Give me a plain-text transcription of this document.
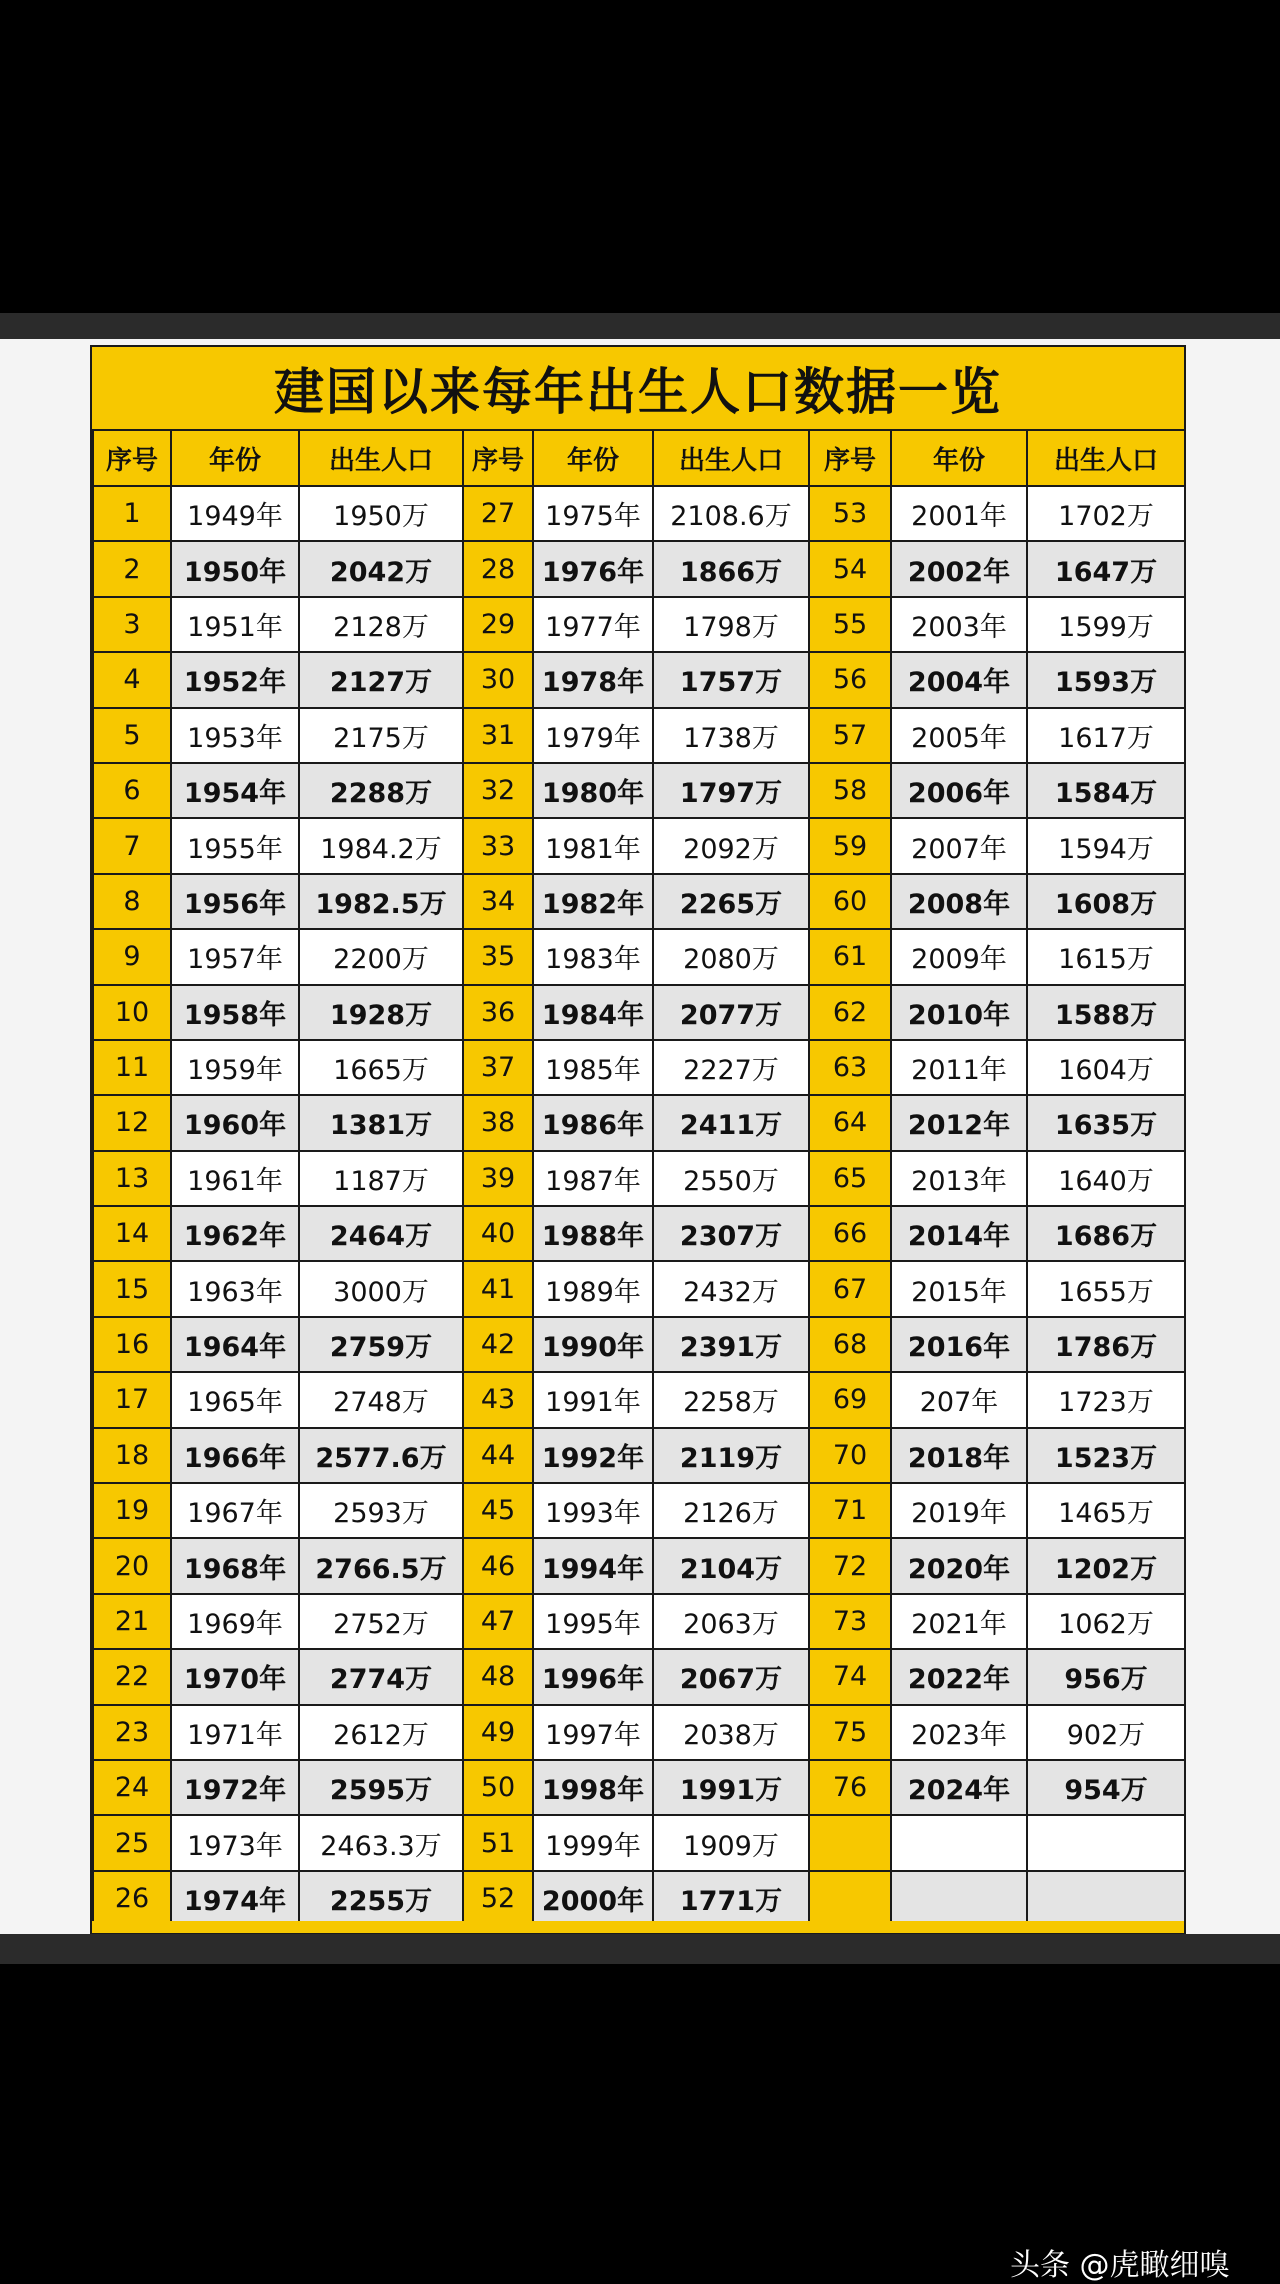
建国以来每年出生人口数据一览
序号	年份	出生人口	序号	年份	出生人口	序号	年份	出生人口
1	1949年	1950万	27	1975年	2108.6万	53	2001年	1702万
2	1950年	2042万	28	1976年	1866万	54	2002年	1647万
3	1951年	2128万	29	1977年	1798万	55	2003年	1599万
4	1952年	2127万	30	1978年	1757万	56	2004年	1593万
5	1953年	2175万	31	1979年	1738万	57	2005年	1617万
6	1954年	2288万	32	1980年	1797万	58	2006年	1584万
7	1955年	1984.2万	33	1981年	2092万	59	2007年	1594万
8	1956年	1982.5万	34	1982年	2265万	60	2008年	1608万
9	1957年	2200万	35	1983年	2080万	61	2009年	1615万
10	1958年	1928万	36	1984年	2077万	62	2010年	1588万
11	1959年	1665万	37	1985年	2227万	63	2011年	1604万
12	1960年	1381万	38	1986年	2411万	64	2012年	1635万
13	1961年	1187万	39	1987年	2550万	65	2013年	1640万
14	1962年	2464万	40	1988年	2307万	66	2014年	1686万
15	1963年	3000万	41	1989年	2432万	67	2015年	1655万
16	1964年	2759万	42	1990年	2391万	68	2016年	1786万
17	1965年	2748万	43	1991年	2258万	69	207年	1723万
18	1966年	2577.6万	44	1992年	2119万	70	2018年	1523万
19	1967年	2593万	45	1993年	2126万	71	2019年	1465万
20	1968年	2766.5万	46	1994年	2104万	72	2020年	1202万
21	1969年	2752万	47	1995年	2063万	73	2021年	1062万
22	1970年	2774万	48	1996年	2067万	74	2022年	956万
23	1971年	2612万	49	1997年	2038万	75	2023年	902万
24	1972年	2595万	50	1998年	1991万	76	2024年	954万
25	1973年	2463.3万	51	1999年	1909万			
26	1974年	2255万	52	2000年	1771万			
头条 @虎瞰细嗅
